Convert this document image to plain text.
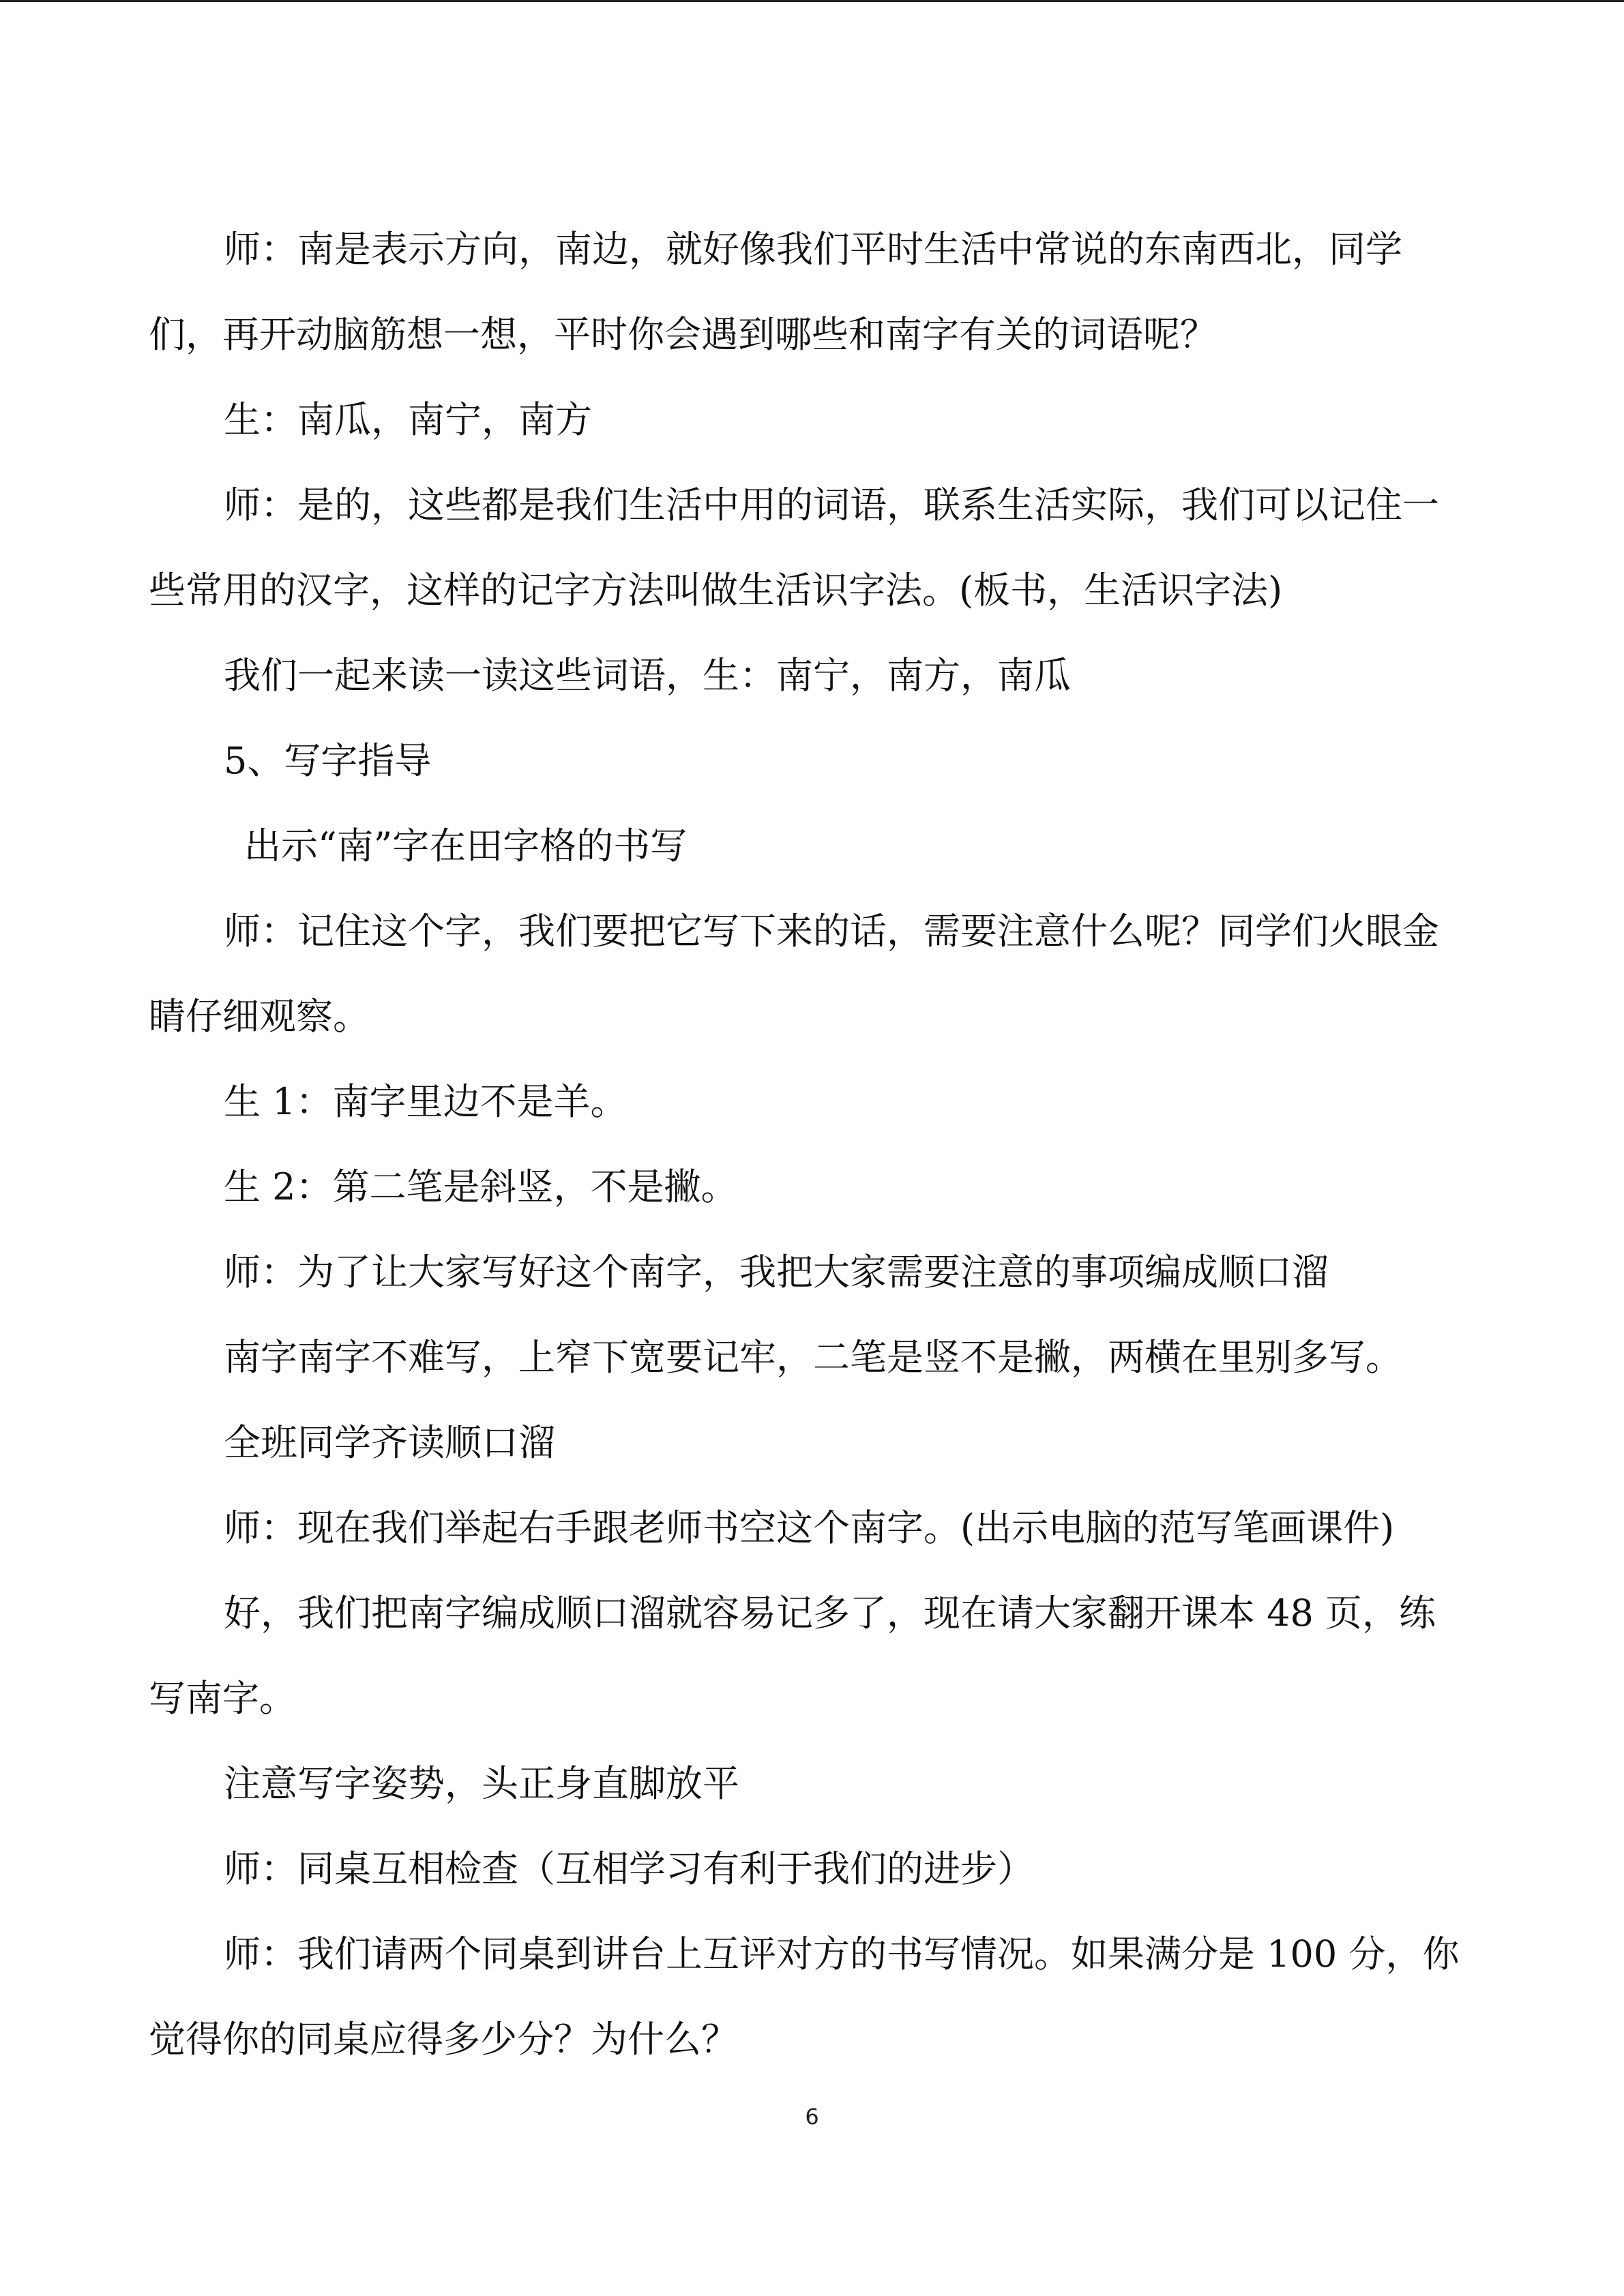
师：南是表示方向，南边，就好像我们平时生活中常说的东南西北，同学们，再开动脑筋想一想，平时你会遇到哪些和南字有关的词语呢？

生：南瓜，南宁，南方

师：是的，这些都是我们生活中用的词语，联系生活实际，我们可以记住一些常用的汉字，这样的记字方法叫做生活识字法。(板书，生活识字法)

我们一起来读一读这些词语，生：南宁，南方，南瓜

5、写字指导

出示“南”字在田字格的书写

师：记住这个字，我们要把它写下来的话，需要注意什么呢？同学们火眼金睛仔细观察。

生 1：南字里边不是羊。

生 2：第二笔是斜竖，不是撇。

师：为了让大家写好这个南字，我把大家需要注意的事项编成顺口溜

南字南字不难写，上窄下宽要记牢，二笔是竖不是撇，两横在里别多写。

全班同学齐读顺口溜

师：现在我们举起右手跟老师书空这个南字。(出示电脑的范写笔画课件)

好，我们把南字编成顺口溜就容易记多了，现在请大家翻开课本 48 页，练写南字。

注意写字姿势，头正身直脚放平

师：同桌互相检查（互相学习有利于我们的进步）

师：我们请两个同桌到讲台上互评对方的书写情况。如果满分是 100 分，你觉得你的同桌应得多少分？为什么？

6
